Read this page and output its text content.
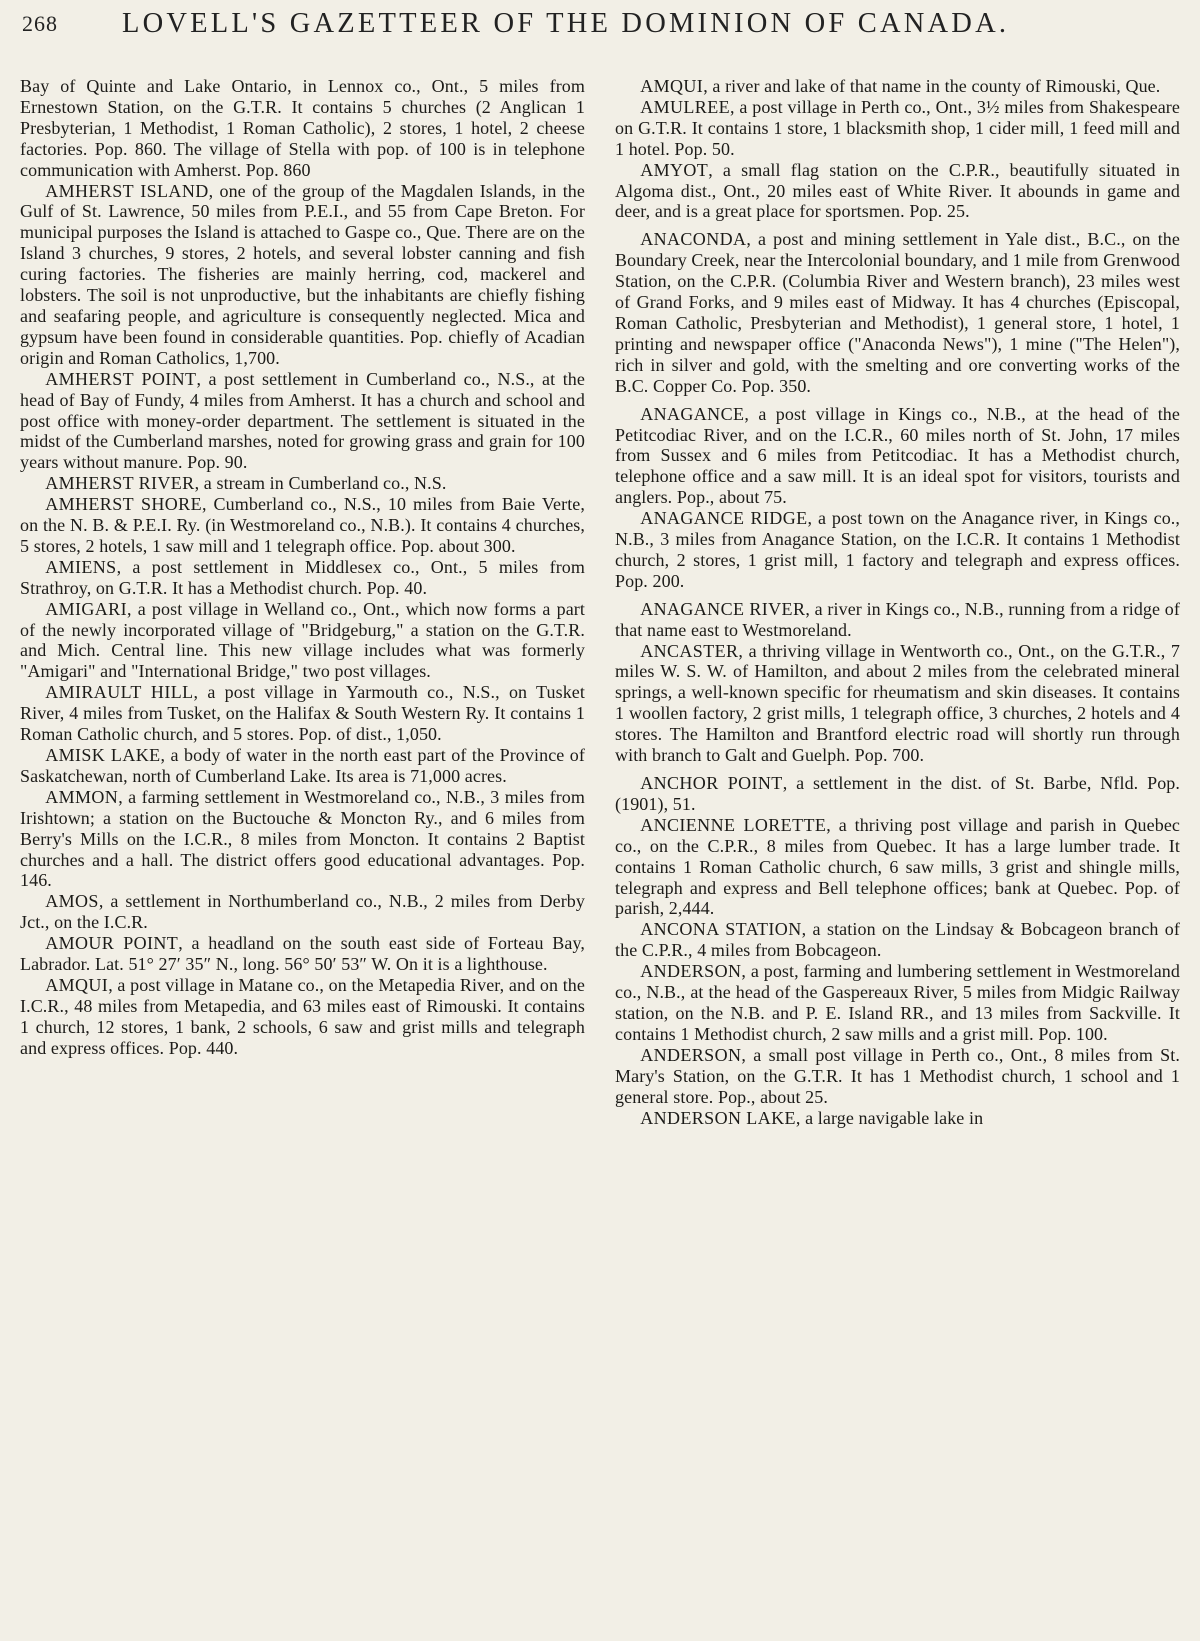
268	LOVELL'S GAZETTEER OF THE DOMINION OF CANADA.

Bay of Quinte and Lake Ontario, in Lennox co., Ont., 5 miles from Ernestown Station, on the G.T.R. It contains 5 churches (2 Anglican 1 Presbyterian, 1 Methodist, 1 Roman Catholic), 2 stores, 1 hotel, 2 cheese factories. Pop. 860. The village of Stella with pop. of 100 is in telephone communication with Amherst. Pop. 860

AMHERST ISLAND, one of the group of the Magdalen Islands, in the Gulf of St. Lawrence, 50 miles from P.E.I., and 55 from Cape Breton. For municipal purposes the Island is attached to Gaspe co., Que. There are on the Island 3 churches, 9 stores, 2 hotels, and several lobster canning and fish curing factories. The fisheries are mainly herring, cod, mackerel and lobsters. The soil is not unproductive, but the inhabitants are chiefly fishing and seafaring people, and agriculture is consequently neglected. Mica and gypsum have been found in considerable quantities. Pop. chiefly of Acadian origin and Roman Catholics, 1,700.

AMHERST POINT, a post settlement in Cumberland co., N.S., at the head of Bay of Fundy, 4 miles from Amherst. It has a church and school and post office with money-order department. The settlement is situated in the midst of the Cumberland marshes, noted for growing grass and grain for 100 years without manure. Pop. 90.

AMHERST RIVER, a stream in Cumberland co., N.S.

AMHERST SHORE, Cumberland co., N.S., 10 miles from Baie Verte, on the N. B. & P.E.I. Ry. (in Westmoreland co., N.B.). It contains 4 churches, 5 stores, 2 hotels, 1 saw mill and 1 telegraph office. Pop. about 300.

AMIENS, a post settlement in Middlesex co., Ont., 5 miles from Strathroy, on G.T.R. It has a Methodist church. Pop. 40.

AMIGARI, a post village in Welland co., Ont., which now forms a part of the newly incorporated village of "Bridgeburg," a station on the G.T.R. and Mich. Central line. This new village includes what was formerly "Amigari" and "International Bridge," two post villages.

AMIRAULT HILL, a post village in Yarmouth co., N.S., on Tusket River, 4 miles from Tusket, on the Halifax & South Western Ry. It contains 1 Roman Catholic church, and 5 stores. Pop. of dist., 1,050.

AMISK LAKE, a body of water in the north east part of the Province of Saskatchewan, north of Cumberland Lake. Its area is 71,000 acres.

AMMON, a farming settlement in Westmoreland co., N.B., 3 miles from Irishtown; a station on the Buctouche & Moncton Ry., and 6 miles from Berry's Mills on the I.C.R., 8 miles from Moncton. It contains 2 Baptist churches and a hall. The district offers good educational advantages. Pop. 146.

AMOS, a settlement in Northumberland co., N.B., 2 miles from Derby Jct., on the I.C.R.

AMOUR POINT, a headland on the south east side of Forteau Bay, Labrador. Lat. 51° 27′ 35″ N., long. 56° 50′ 53″ W. On it is a lighthouse.

AMQUI, a post village in Matane co., on the Metapedia River, and on the I.C.R., 48 miles from Metapedia, and 63 miles east of Rimouski. It contains 1 church, 12 stores, 1 bank, 2 schools, 6 saw and grist mills and telegraph and express offices. Pop. 440.

AMQUI, a river and lake of that name in the county of Rimouski, Que.

AMULREE, a post village in Perth co., Ont., 3½ miles from Shakespeare on G.T.R. It contains 1 store, 1 blacksmith shop, 1 cider mill, 1 feed mill and 1 hotel. Pop. 50.

AMYOT, a small flag station on the C.P.R., beautifully situated in Algoma dist., Ont., 20 miles east of White River. It abounds in game and deer, and is a great place for sportsmen. Pop. 25.

ANACONDA, a post and mining settlement in Yale dist., B.C., on the Boundary Creek, near the Intercolonial boundary, and 1 mile from Grenwood Station, on the C.P.R. (Columbia River and Western branch), 23 miles west of Grand Forks, and 9 miles east of Midway. It has 4 churches (Episcopal, Roman Catholic, Presbyterian and Methodist), 1 general store, 1 hotel, 1 printing and newspaper office ("Anaconda News"), 1 mine ("The Helen"), rich in silver and gold, with the smelting and ore converting works of the B.C. Copper Co. Pop. 350.

ANAGANCE, a post village in Kings co., N.B., at the head of the Petitcodiac River, and on the I.C.R., 60 miles north of St. John, 17 miles from Sussex and 6 miles from Petitcodiac. It has a Methodist church, telephone office and a saw mill. It is an ideal spot for visitors, tourists and anglers. Pop., about 75.

ANAGANCE RIDGE, a post town on the Anagance river, in Kings co., N.B., 3 miles from Anagance Station, on the I.C.R. It contains 1 Methodist church, 2 stores, 1 grist mill, 1 factory and telegraph and express offices. Pop. 200.

ANAGANCE RIVER, a river in Kings co., N.B., running from a ridge of that name east to Westmoreland.

ANCASTER, a thriving village in Wentworth co., Ont., on the G.T.R., 7 miles W. S. W. of Hamilton, and about 2 miles from the celebrated mineral springs, a well-known specific for rheumatism and skin diseases. It contains 1 woollen factory, 2 grist mills, 1 telegraph office, 3 churches, 2 hotels and 4 stores. The Hamilton and Brantford electric road will shortly run through with branch to Galt and Guelph. Pop. 700.

ANCHOR POINT, a settlement in the dist. of St. Barbe, Nfld. Pop. (1901), 51.

ANCIENNE LORETTE, a thriving post village and parish in Quebec co., on the C.P.R., 8 miles from Quebec. It has a large lumber trade. It contains 1 Roman Catholic church, 6 saw mills, 3 grist and shingle mills, telegraph and express and Bell telephone offices; bank at Quebec. Pop. of parish, 2,444.

ANCONA STATION, a station on the Lindsay & Bobcageon branch of the C.P.R., 4 miles from Bobcageon.

ANDERSON, a post, farming and lumbering settlement in Westmoreland co., N.B., at the head of the Gaspereaux River, 5 miles from Midgic Railway station, on the N.B. and P. E. Island RR., and 13 miles from Sackville. It contains 1 Methodist church, 2 saw mills and a grist mill. Pop. 100.

ANDERSON, a small post village in Perth co., Ont., 8 miles from St. Mary's Station, on the G.T.R. It has 1 Methodist church, 1 school and 1 general store. Pop., about 25.

ANDERSON LAKE, a large navigable lake in
